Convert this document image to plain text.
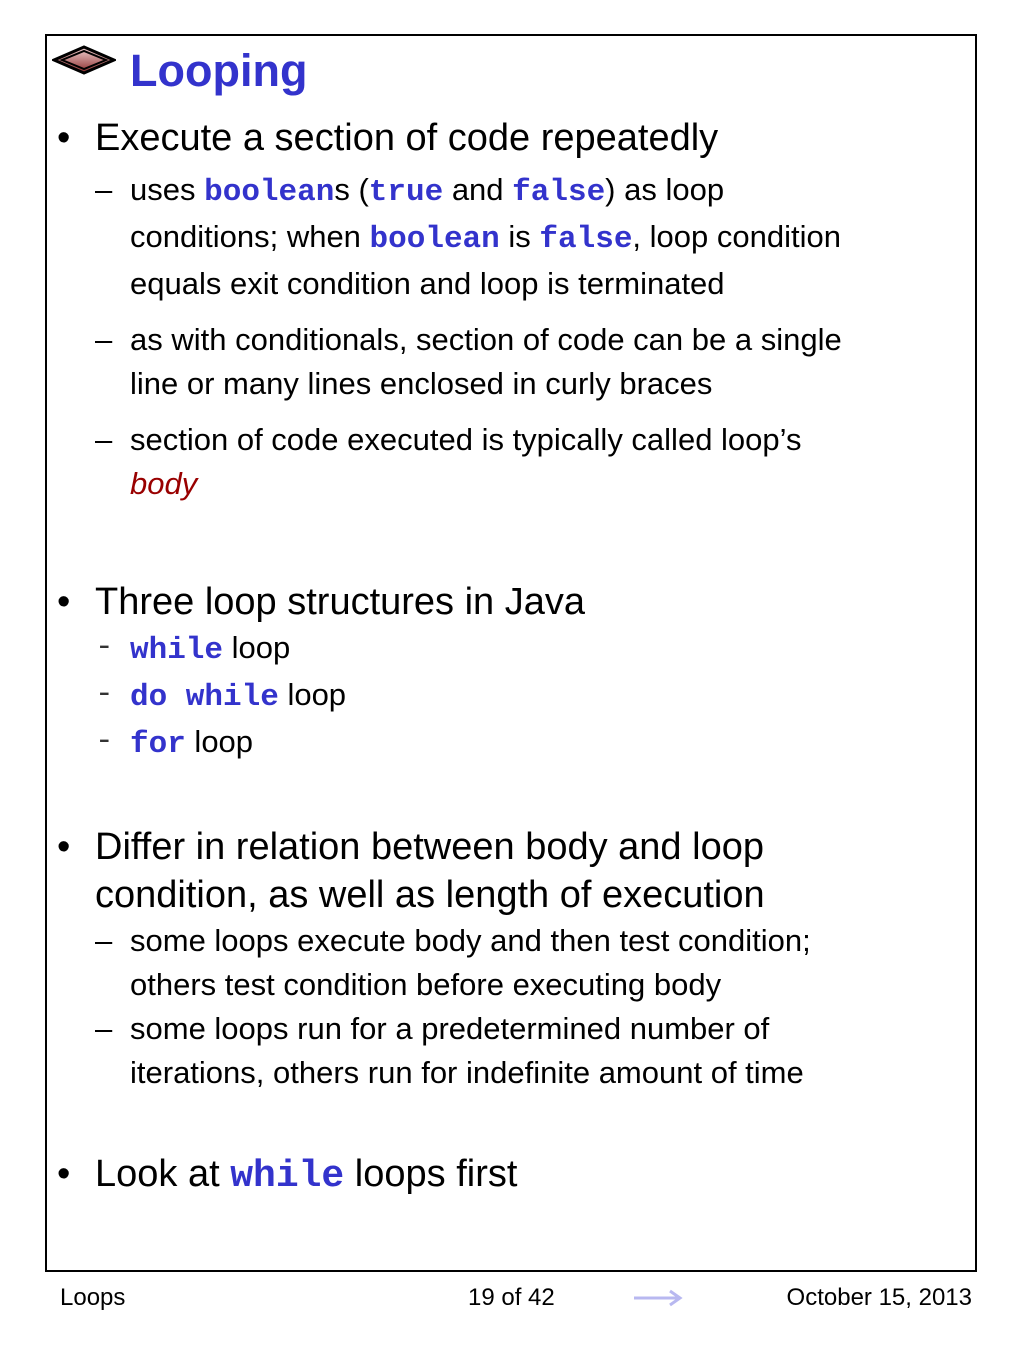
Looping
• Execute a section of code repeatedly
– uses booleans (true and false) as loop
conditions; when boolean is false, loop condition
equals exit condition and loop is terminated
– as with conditionals, section of code can be a single
line or many lines enclosed in curly braces
– section of code executed is typically called loop’s
body
• Three loop structures in Java
- while loop
- do while loop
- for loop
• Differ in relation between body and loop
condition, as well as length of execution
– some loops execute body and then test condition;
others test condition before executing body
– some loops run for a predetermined number of
iterations, others run for indefinite amount of time
• Look at while loops first
Loops	19 of 42	October 15, 2013
